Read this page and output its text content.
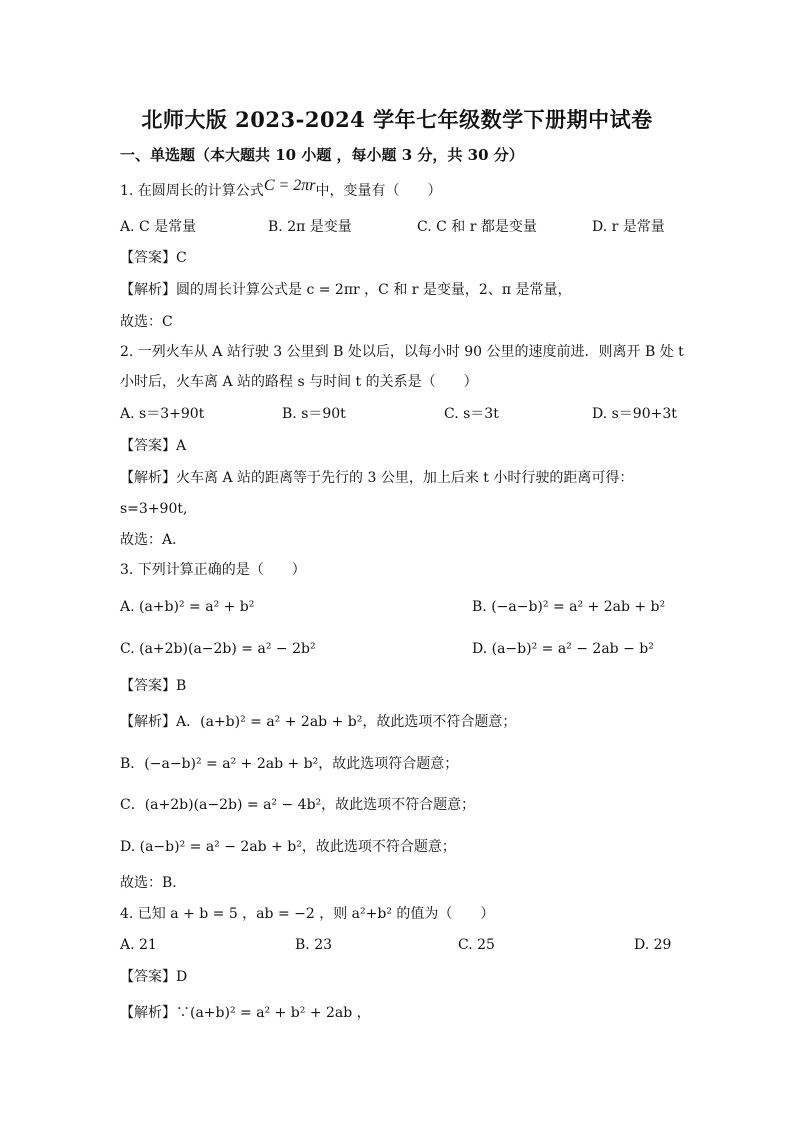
北师大版 2023-2024 学年七年级数学下册期中试卷
一、单选题（本大题共 10 小题 ，每小题 3 分，共 30 分）
1. 在圆周长的计算公式C = 2πr中，变量有（　　）
A. C 是常量	B. 2π 是变量	C. C 和 r 都是变量	D. r 是常量
【答案】C
【解析】圆的周长计算公式是 c = 2πr ，C 和 r 是变量，2、π 是常量，
故选：C
2. 一列火车从 A 站行驶 3 公里到 B 处以后，以每小时 90 公里的速度前进．则离开 B 处 t
小时后，火车离 A 站的路程 s 与时间 t 的关系是（　　）
A. s＝3+90t	B. s＝90t	C. s＝3t	D. s＝90+3t
【答案】A
【解析】火车离 A 站的距离等于先行的 3 公里，加上后来 t 小时行驶的距离可得：
s=3+90t,
故选：A．
3. 下列计算正确的是（　　）
A. (a+b)² = a² + b²	B. (−a−b)² = a² + 2ab + b²
C. (a+2b)(a−2b) = a² − 2b²	D. (a−b)² = a² − 2ab − b²
【答案】B
【解析】A．(a+b)² = a² + 2ab + b²，故此选项不符合题意；
B．(−a−b)² = a² + 2ab + b²，故此选项符合题意；
C．(a+2b)(a−2b) = a² − 4b²，故此选项不符合题意；
D. (a−b)² = a² − 2ab + b²，故此选项不符合题意；
故选：B．
4. 已知 a + b = 5 ，ab = −2 ，则 a²+b² 的值为（　　）
A. 21	B. 23	C. 25	D. 29
【答案】D
【解析】∵(a+b)² = a² + b² + 2ab ，
